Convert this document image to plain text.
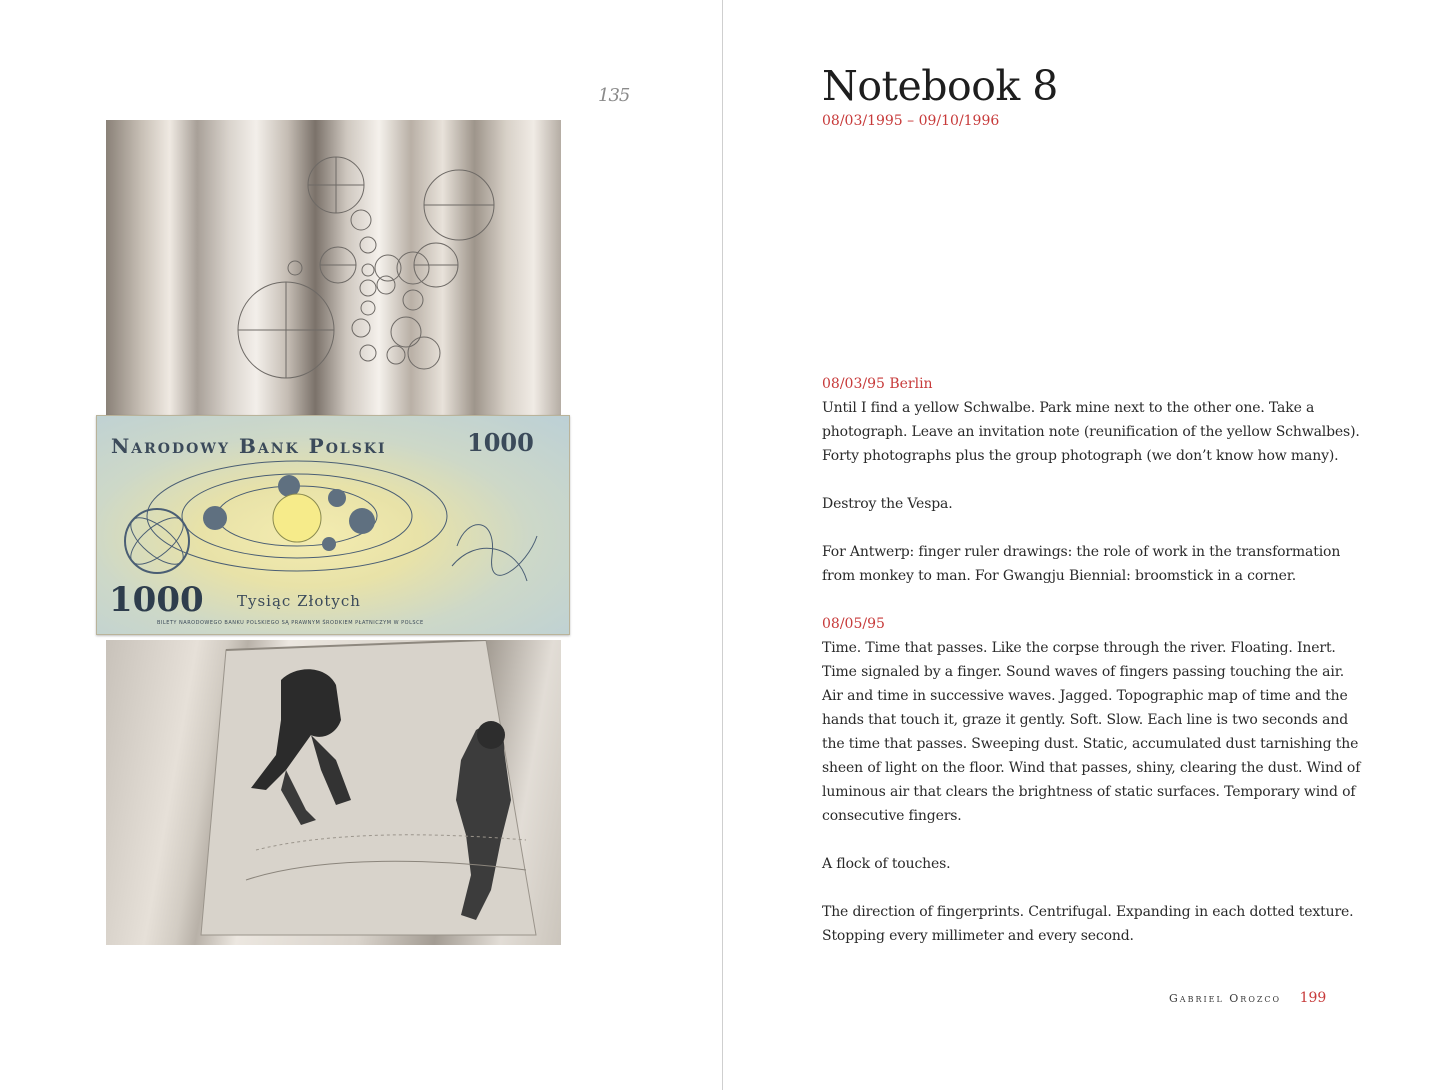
135
Narodowy Bank Polski	1000
1000 Tysiąc Złotych
BILETY NARODOWEGO BANKU POLSKIEGO SĄ PRAWNYM ŚRODKIEM PŁATNICZYM W POLSCE
Notebook 8
08/03/1995 – 09/10/1996
08/03/95 Berlin

Until I find a yellow Schwalbe. Park mine next to the other one. Take a photograph. Leave an invitation note (reunification of the yellow Schwalbes). Forty photographs plus the group photograph (we don’t know how many).

Destroy the Vespa.

For Antwerp: finger ruler drawings: the role of work in the transformation from monkey to man. For Gwangju Biennial: broomstick in a corner.

08/05/95

Time. Time that passes. Like the corpse through the river. Floating. Inert. Time signaled by a finger. Sound waves of fingers passing touching the air. Air and time in successive waves. Jagged. Topographic map of time and the hands that touch it, graze it gently. Soft. Slow. Each line is two seconds and the time that passes. Sweeping dust. Static, accumulated dust tarnishing the sheen of light on the floor. Wind that passes, shiny, clearing the dust. Wind of luminous air that clears the brightness of static surfaces. Temporary wind of consecutive fingers.

A flock of touches.

The direction of fingerprints. Centrifugal. Expanding in each dotted texture. Stopping every millimeter and every second.

Gabriel Orozco 199
